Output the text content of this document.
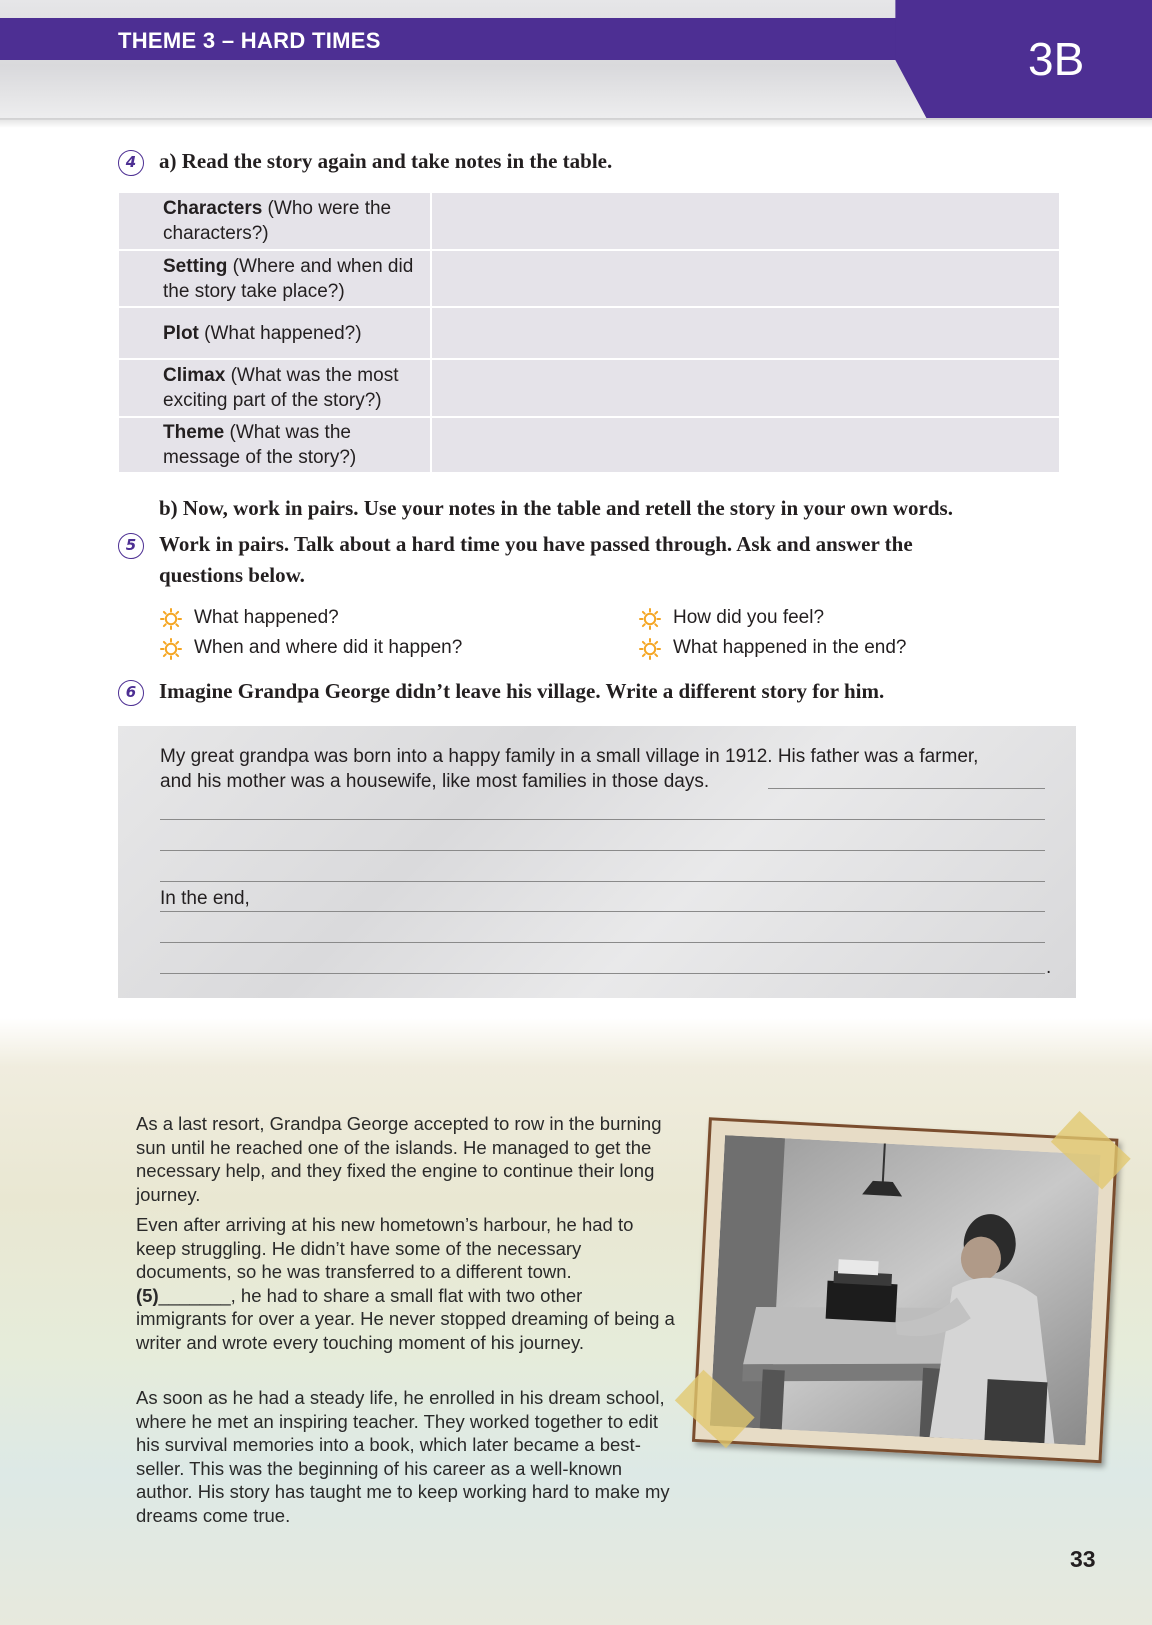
THEME 3 – HARD TIMES	3B
4	a) Read the story again and take notes in the table.
Characters (Who were the characters?)	
Setting (Where and when did the story take place?)	
Plot (What happened?)	
Climax (What was the most exciting part of the story?)	
Theme (What was the message of the story?)	
b) Now, work in pairs. Use your notes in the table and retell the story in your own words.
5	Work in pairs. Talk about a hard time you have passed through. Ask and answer the
questions below.
What happened?
When and where did it happen?
How did you feel?
What happened in the end?
6	Imagine Grandpa George didn’t leave his village. Write a different story for him.
My great grandpa was born into a happy family in a small village in 1912. His father was a farmer,
and his mother was a housewife, like most families in those days.
In the end,
.
As a last resort, Grandpa George accepted to row in the burning sun until he reached one of the islands. He managed to get the necessary help, and they fixed the engine to continue their long journey.
Even after arriving at his new hometown’s harbour, he had to keep struggling. He didn’t have some of the necessary documents, so he was transferred to a different town. (5)_______, he had to share a small flat with two other immigrants for over a year. He never stopped dreaming of being a writer and wrote every touching moment of his journey.
As soon as he had a steady life, he enrolled in his dream school, where he met an inspiring teacher. They worked together to edit his survival memories into a book, which later became a best-seller. This was the beginning of his career as a well-known author. His story has taught me to keep working hard to make my dreams come true.
33
